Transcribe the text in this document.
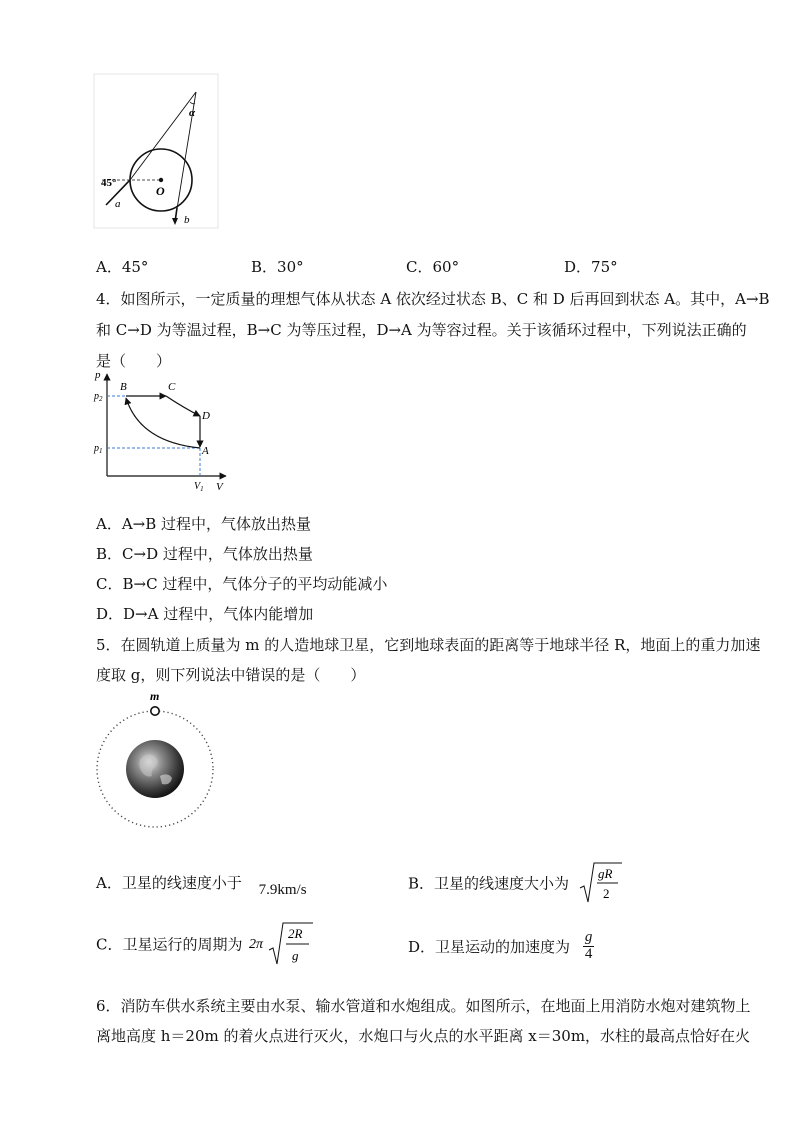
α
45°
O
a
b
A．45°	B．30°	C．60°	D．75°
4．如图所示，一定质量的理想气体从状态 A 依次经过状态 B、C 和 D 后再回到状态 A。其中，A→B
和 C→D 为等温过程，B→C 为等压过程，D→A 为等容过程。关于该循环过程中，下列说法正确的
是（　　）
p
V
$p_2$
$p_1$
$V_1$
B	C
D
A
A．A→B 过程中，气体放出热量
B．C→D 过程中，气体放出热量
C．B→C 过程中，气体分子的平均动能减小
D．D→A 过程中，气体内能增加
5．在圆轨道上质量为 m 的人造地球卫星，它到地球表面的距离等于地球半径 R，地面上的重力加速
度取 g，则下列说法中错误的是（　　）
m
A．卫星的线速度小于 7.9km/s	B．卫星的线速度大小为
gR
2
C．卫星运行的周期为 2π
2R
g	D．卫星运动的加速度为 $\frac{g}{4}$
6．消防车供水系统主要由水泵、输水管道和水炮组成。如图所示，在地面上用消防水炮对建筑物上
离地高度 h＝20m 的着火点进行灭火，水炮口与火点的水平距离 x＝30m，水柱的最高点恰好在火
